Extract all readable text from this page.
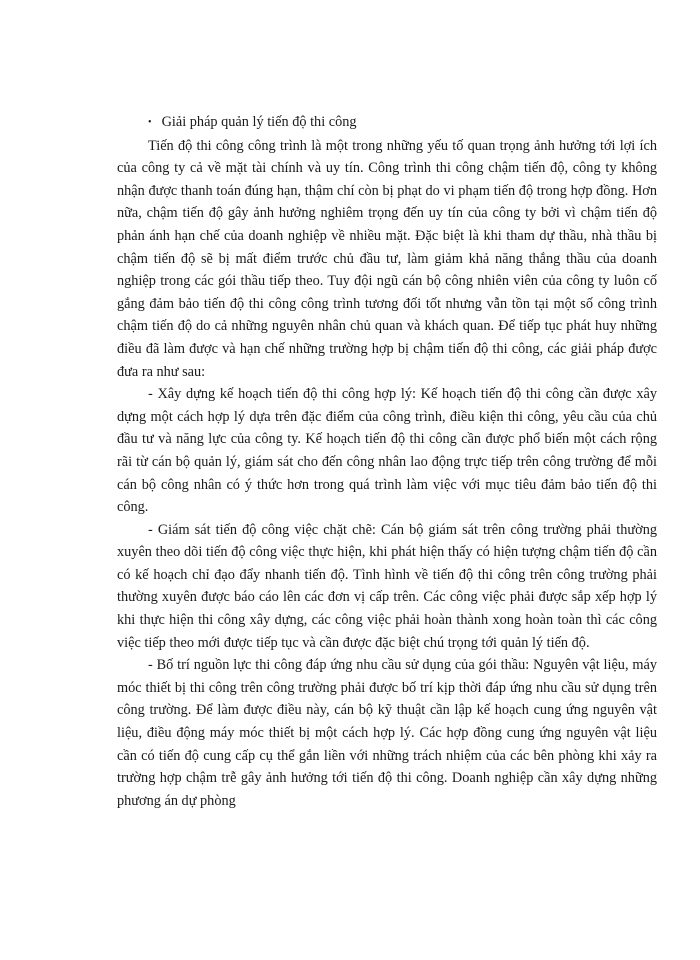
• Giải pháp quản lý tiến độ thi công

Tiến độ thi công công trình là một trong những yếu tố quan trọng ảnh hưởng tới lợi ích của công ty cả về mặt tài chính và uy tín. Công trình thi công chậm tiến độ, công ty không nhận được thanh toán đúng hạn, thậm chí còn bị phạt do vi phạm tiến độ trong hợp đồng. Hơn nữa, chậm tiến độ gây ảnh hưởng nghiêm trọng đến uy tín của công ty bởi vì chậm tiến độ phản ánh hạn chế của doanh nghiệp về nhiều mặt. Đặc biệt là khi tham dự thầu, nhà thầu bị chậm tiến độ sẽ bị mất điểm trước chủ đầu tư, làm giảm khả năng thắng thầu của doanh nghiệp trong các gói thầu tiếp theo. Tuy đội ngũ cán bộ công nhiên viên của công ty luôn cố gắng đảm bảo tiến độ thi công công trình tương đối tốt nhưng vẫn tồn tại một số công trình chậm tiến độ do cả những nguyên nhân chủ quan và khách quan. Để tiếp tục phát huy những điều đã làm được và hạn chế những trường hợp bị chậm tiến độ thi công, các giải pháp được đưa ra như sau:

- Xây dựng kế hoạch tiến độ thi công hợp lý: Kế hoạch tiến độ thi công cần được xây dựng một cách hợp lý dựa trên đặc điểm của công trình, điều kiện thi công, yêu cầu của chủ đầu tư và năng lực của công ty. Kế hoạch tiến độ thi công cần được phổ biến một cách rộng rãi từ cán bộ quản lý, giám sát cho đến công nhân lao động trực tiếp trên công trường để mỗi cán bộ công nhân có ý thức hơn trong quá trình làm việc với mục tiêu đảm bảo tiến độ thi công.

- Giám sát tiến độ công việc chặt chẽ: Cán bộ giám sát trên công trường phải thường xuyên theo dõi tiến độ công việc thực hiện, khi phát hiện thấy có hiện tượng chậm tiến độ cần có kế hoạch chỉ đạo đẩy nhanh tiến độ. Tình hình về tiến độ thi công trên công trường phải thường xuyên được báo cáo lên các đơn vị cấp trên. Các công việc phải được sắp xếp hợp lý khi thực hiện thi công xây dựng, các công việc phải hoàn thành xong hoàn toàn thì các công việc tiếp theo mới được tiếp tục và cần được đặc biệt chú trọng tới quản lý tiến độ.

- Bố trí nguồn lực thi công đáp ứng nhu cầu sử dụng của gói thầu: Nguyên vật liệu, máy móc thiết bị thi công trên công trường phải được bố trí kịp thời đáp ứng nhu cầu sử dụng trên công trường. Để làm được điều này, cán bộ kỹ thuật cần lập kế hoạch cung ứng nguyên vật liệu, điều động máy móc thiết bị một cách hợp lý. Các hợp đồng cung ứng nguyên vật liệu cần có tiến độ cung cấp cụ thể gắn liền với những trách nhiệm của các bên phòng khi xảy ra trường hợp chậm trễ gây ảnh hưởng tới tiến độ thi công. Doanh nghiệp cần xây dựng những phương án dự phòng
